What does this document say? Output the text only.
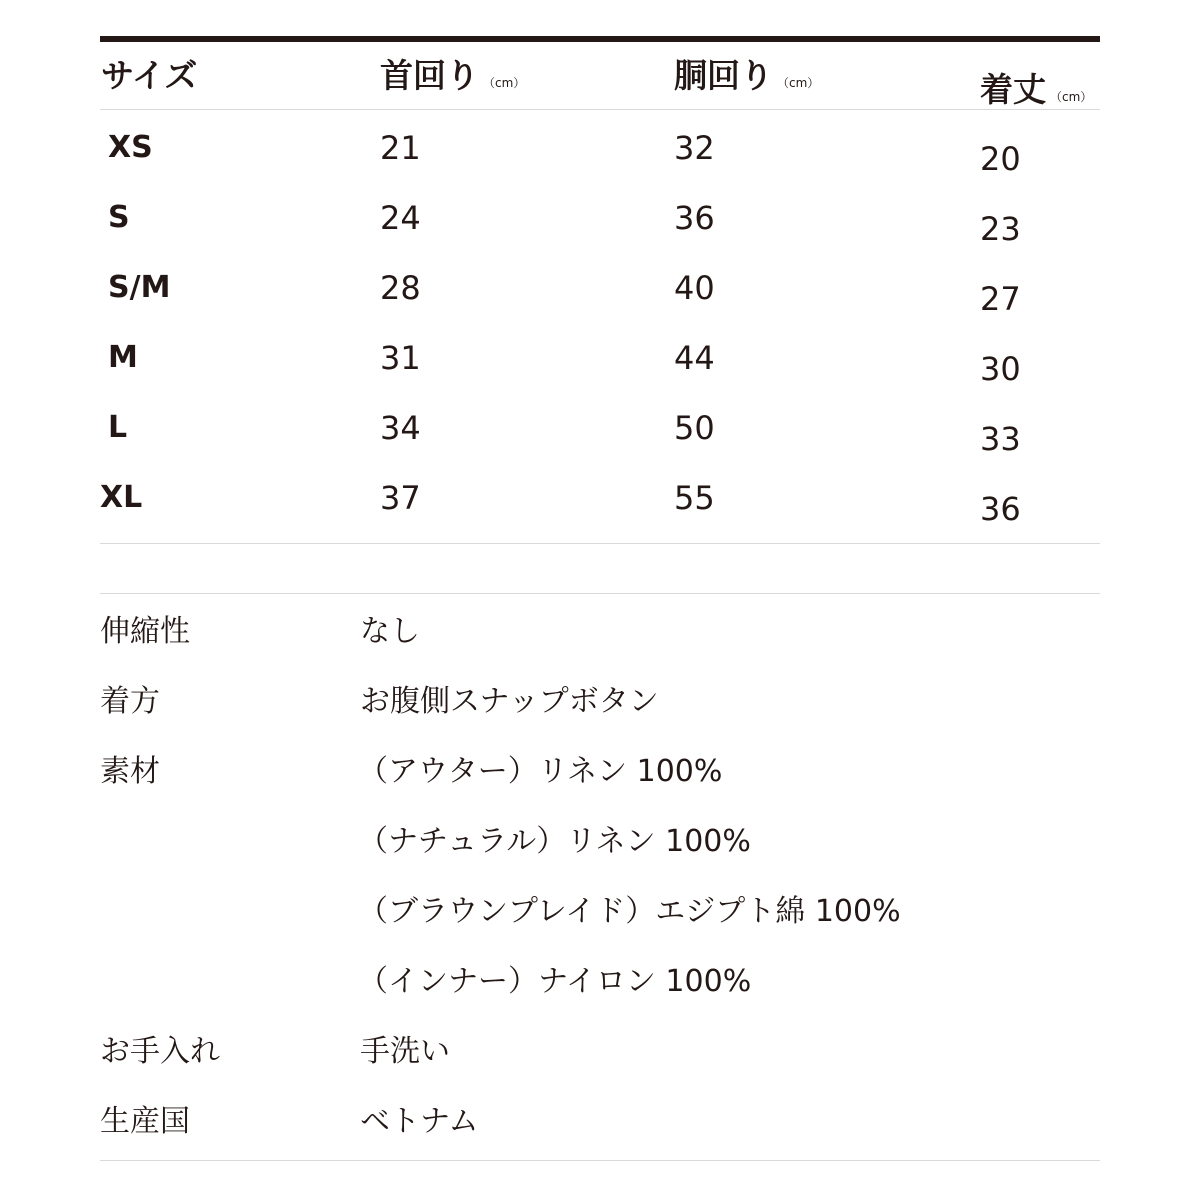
サイズ	首回り （cm）	胴回り （cm）	着丈 （cm）
XS	21	32	20
S	24	36	23
S/M	28	40	27
M	31	44	30
L	34	50	33
XL	37	55	36
伸縮性	なし
着方	お腹側スナップボタン
素材	（アウター）リネン 100%
（ナチュラル）リネン 100%
（ブラウンプレイド）エジプト綿 100%
（インナー）ナイロン 100%
お手入れ	手洗い
生産国	ベトナム
